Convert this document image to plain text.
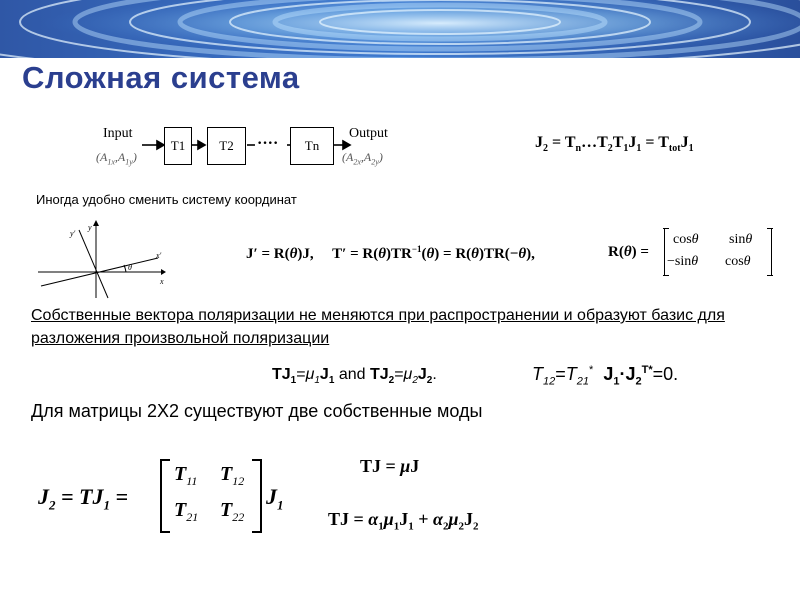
Сложная система
Input
$(A_{1x},A_{1y})$
T1	T2	····	Tn
Output
$(A_{2x},A_{2y})$
$J_2$ = $T_n\dots T_2T_1J_1 = T_{tot}J_1$
Иногда удобно сменить систему координат
x
x′
y
y′
θ
J′ = R(θ)J,     $T' = R(\theta)TR^{-1}(\theta) = R(\theta)TR(-\theta)$,	R(θ) =
cosθ sinθ
−sinθ cosθ
Собственные вектора поляризации не меняются при распространении и образуют базис для разложения произвольной поляризации
$TJ_1=\mu_1J_1$ and $TJ_2=\mu_2J_2$.	$T_{12}=T_{21}^*$ $J_1\cdot J_2^{T*}=0$.
Для матрицы 2X2 существуют две собственные моды
$J_2 = TJ_1$ =
$T_{11}$ $T_{12}$
$T_{21}$ $T_{22}$
$J_1$
TJ = μJ
TJ = $\alpha_1\mu_1J_1 + \alpha_2\mu_2J_2$
